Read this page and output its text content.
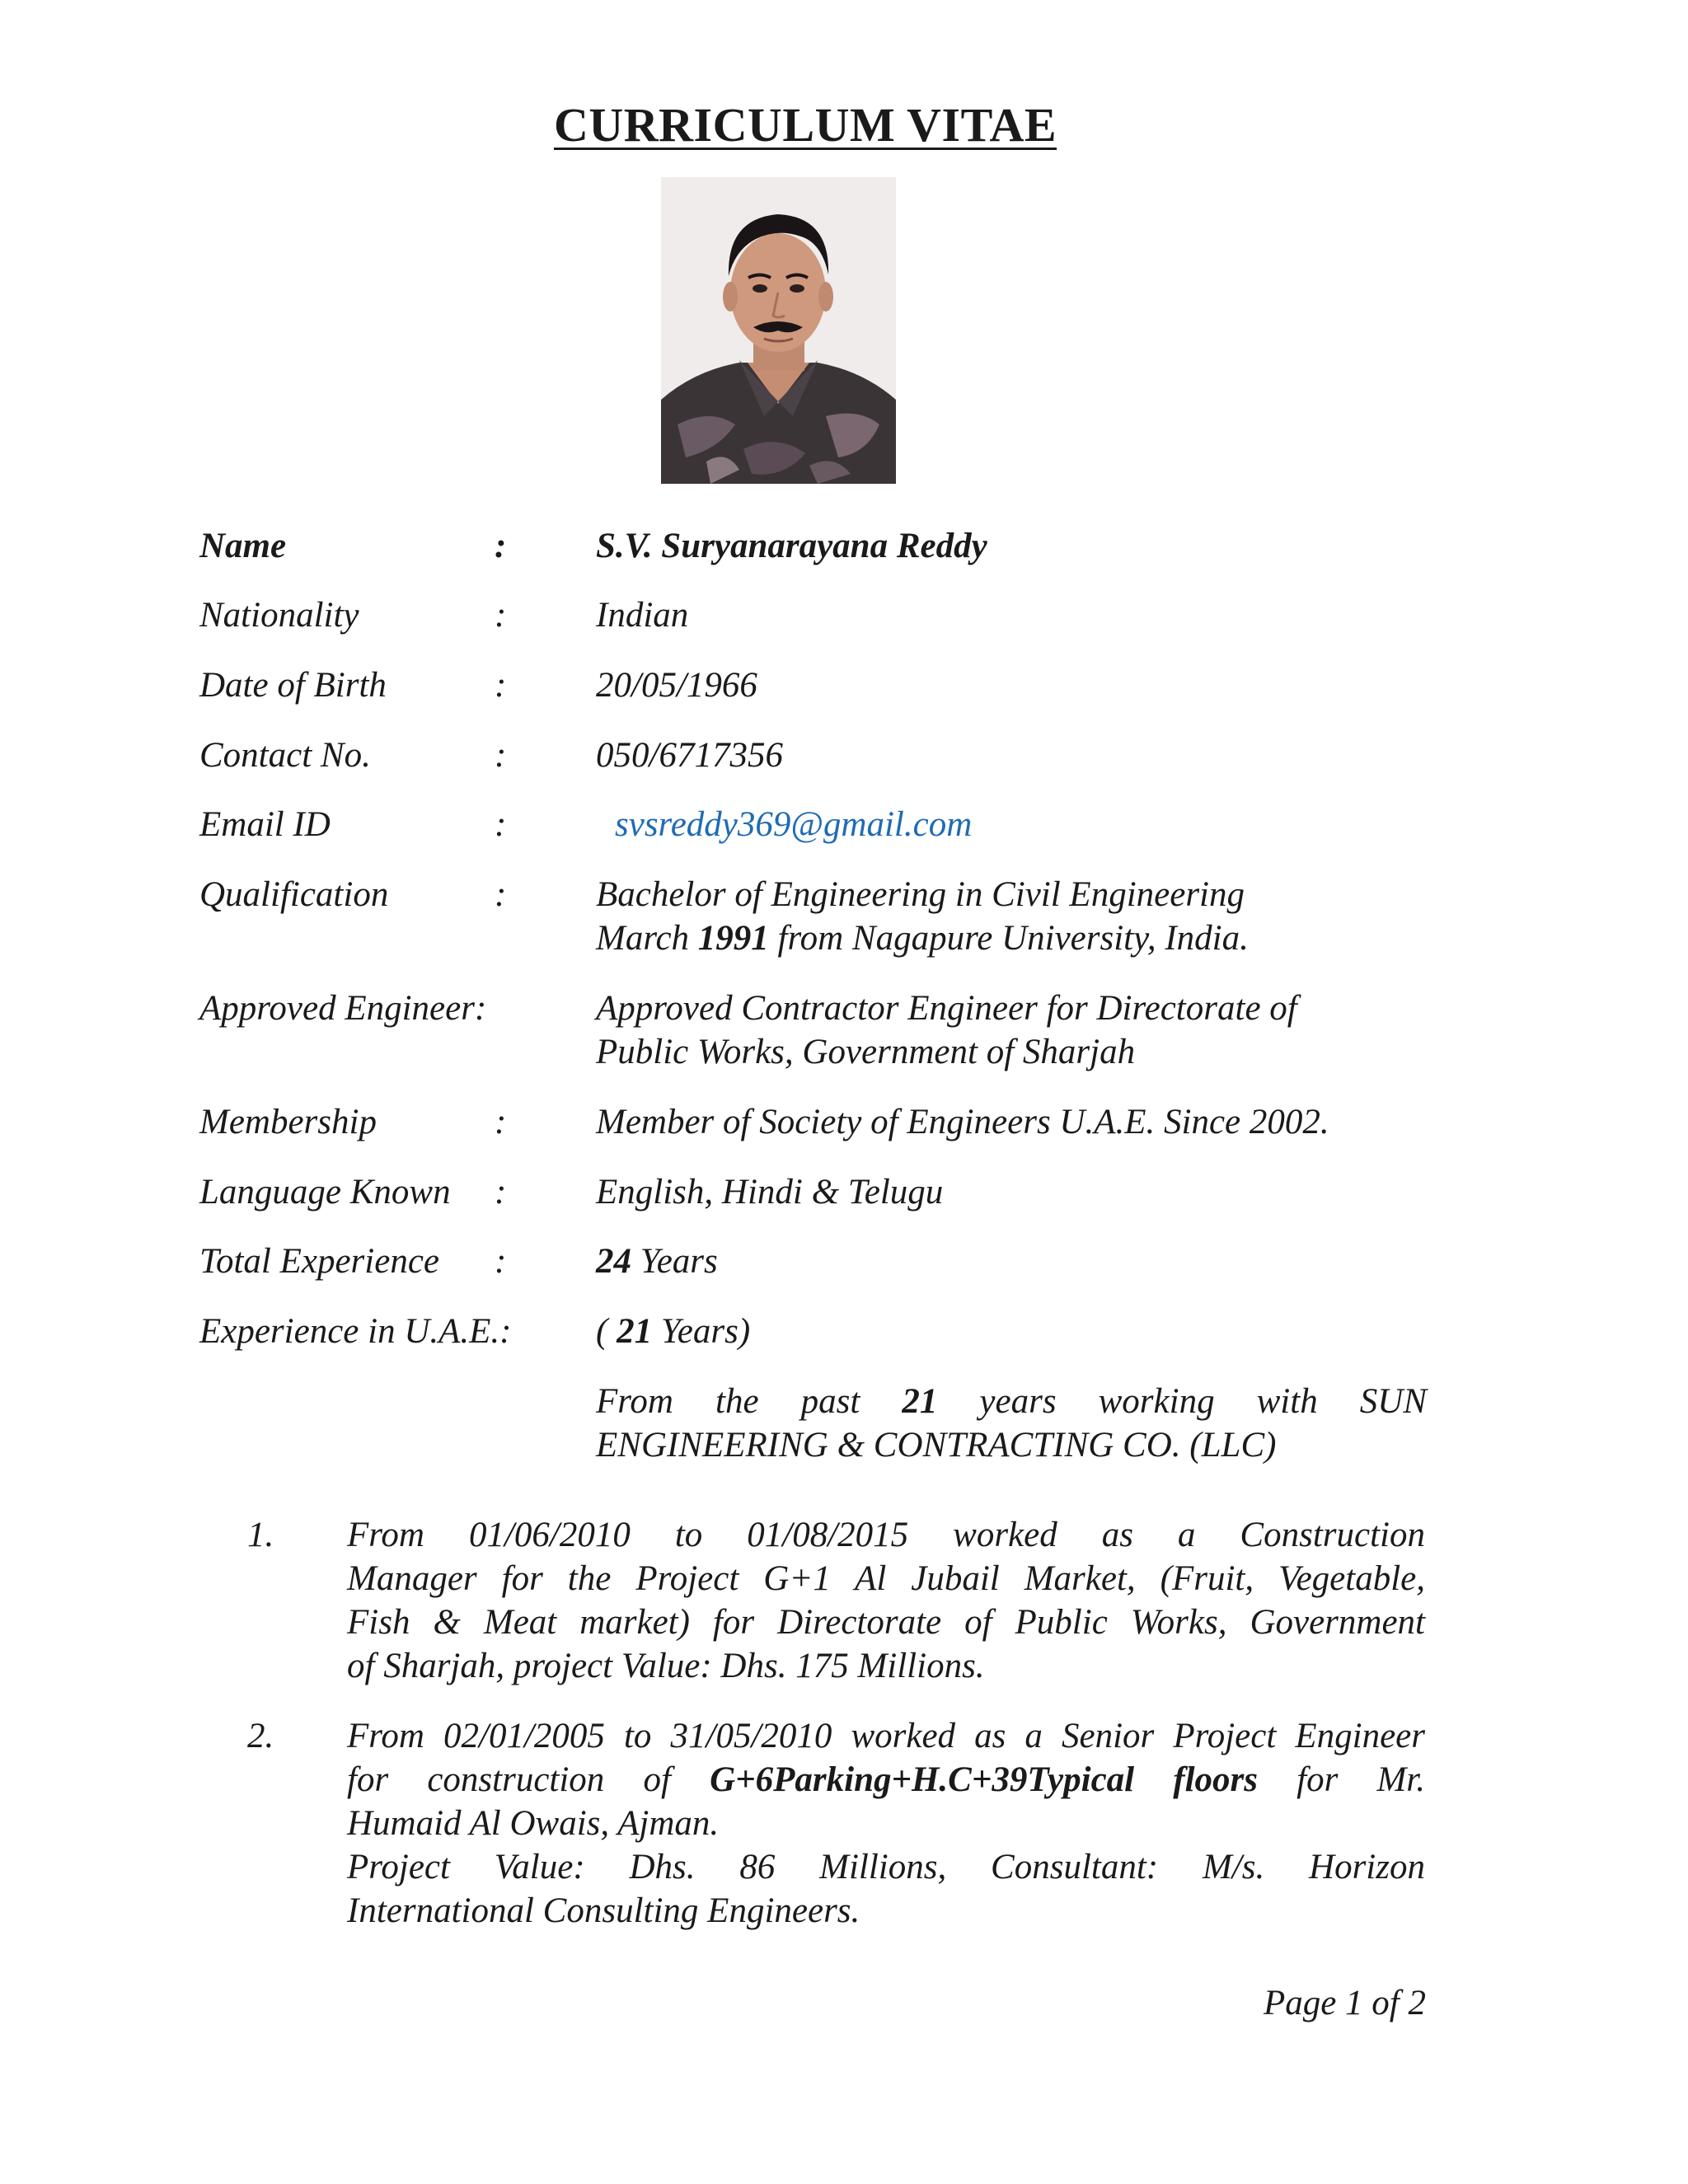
CURRICULUM VITAE
Name	:	S.V. Suryanarayana Reddy
Nationality	:	Indian
Date of Birth	:	20/05/1966
Contact No.	:	050/6717356
Email ID	:	svsreddy369@gmail.com
Qualification	:	Bachelor of Engineering in Civil Engineering
March 1991 from Nagapure University, India.
Approved Engineer:	Approved Contractor Engineer for Directorate of
Public Works, Government of Sharjah
Membership	:	Member of Society of Engineers U.A.E. Since 2002.
Language Known :	English, Hindi & Telugu
Total Experience :	24 Years
Experience in U.A.E.: ( 21 Years)
From the past 21 years working with SUN
ENGINEERING & CONTRACTING CO. (LLC)
1. From 01/06/2010 to 01/08/2015 worked as a Construction
Manager for the Project G+1 Al Jubail Market, (Fruit, Vegetable,
Fish & Meat market) for Directorate of Public Works, Government
of Sharjah, project Value: Dhs. 175 Millions.
2. From 02/01/2005 to 31/05/2010 worked as a Senior Project Engineer
for construction of G+6Parking+H.C+39Typical floors for Mr.
Humaid Al Owais, Ajman.
Project Value: Dhs. 86 Millions, Consultant: M/s. Horizon
International Consulting Engineers.
Page 1 of 2
